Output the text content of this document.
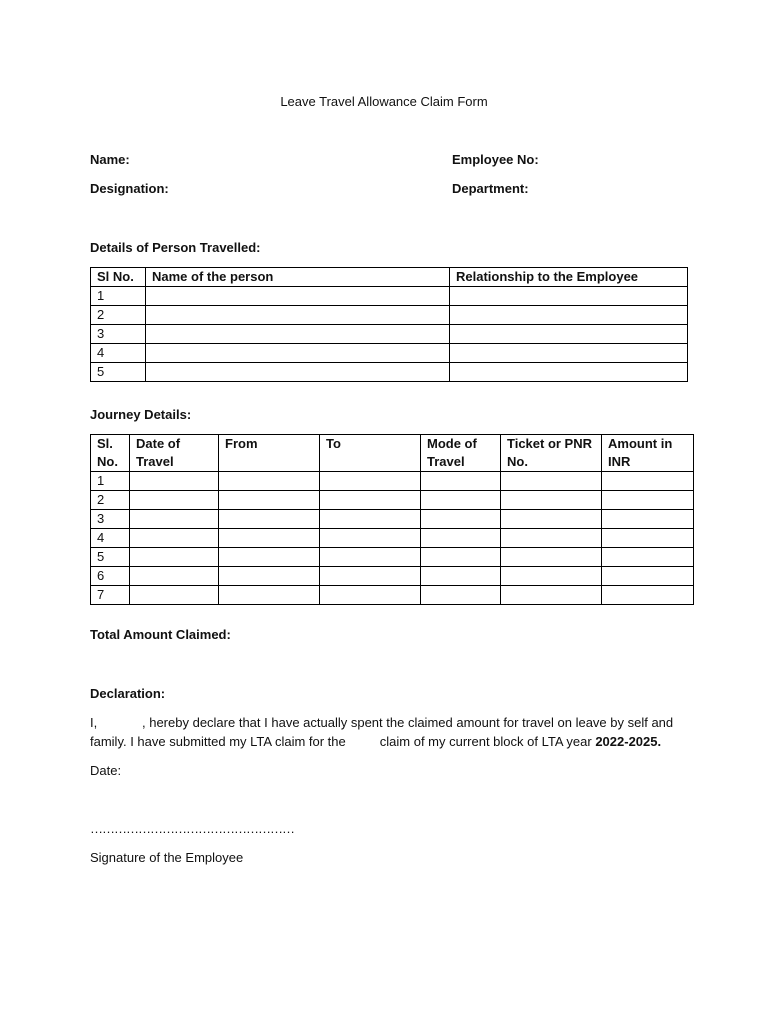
Leave Travel Allowance Claim Form
Name:	Employee No:
Designation:	Department:
Details of Person Travelled:
Sl No.	Name of the person	Relationship to the Employee
1		
2		
3		
4		
5		
Journey Details:
Sl. No.	Date of Travel	From	To	Mode of Travel	Ticket or PNR No.	Amount in INR
1						
2						
3						
4						
5						
6						
7						
Total Amount Claimed:
Declaration:
I,	, hereby declare that I have actually spent the claimed amount for travel on leave by self and
family. I have submitted my LTA claim for the	claim of my current block of LTA year 2022-2025.
Date:
……………………………………………
Signature of the Employee
